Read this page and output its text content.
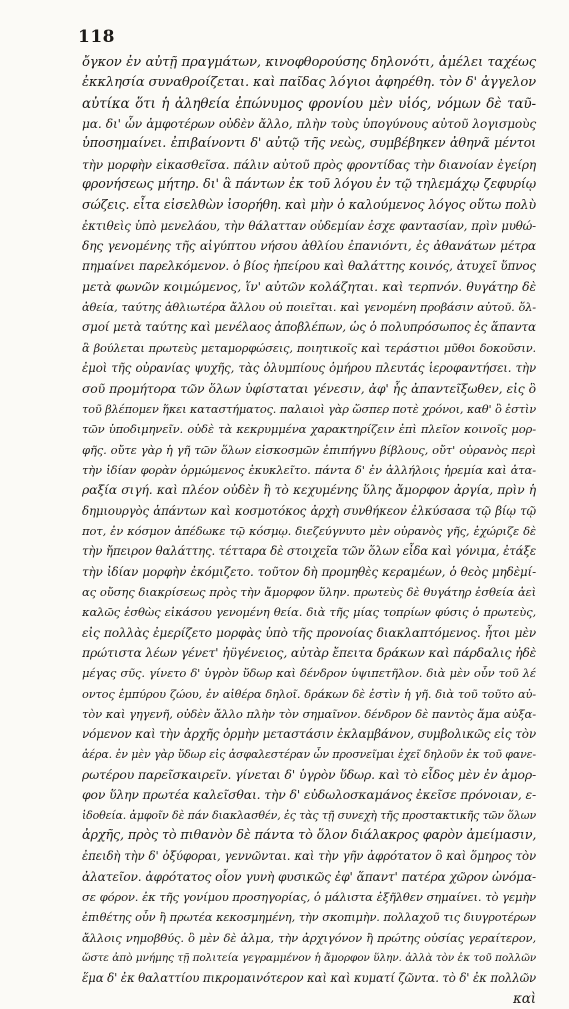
118
ὄγκον ἐν αὐτῇ πραγμάτων, κινοφθορούσης δηλονότι, ἀμέλει ταχέως
ἐκκλησία συναθροίζεται. καὶ παῖδας λόγιοι ἀφηρέθη. τὸν δ' ἀγγελον
αὐτίκα ὅτι ἡ ἀληθεία ἐπώνυμος φρονίου μὲν υἱός, νόμων δὲ ταῦ-
μα. δι' ὧν ἀμφοτέρων οὐδὲν ἄλλο, πλὴν τοὺς ὑπογύνους αὐτοῦ λογισμοὺς
ὑποσημαίνει. ἐπιβαίνοντι δ' αὐτῷ τῆς νεὼς, συμβέβηκεν ἀθηνᾶ μέντοι
τὴν μορφὴν εἰκασθεῖσα. πάλιν αὐτοῦ πρὸς φροντίδας τὴν διανοίαν ἐγείρη
φρονήσεως μήτηρ. δι' ἃ πάντων ἐκ τοῦ λόγου ἐν τῷ τηλεμάχῳ ζεφυρίῳ
σώζεις. εἶτα εἰσελθὼν ἰσορήθη. καὶ μὴν ὁ καλούμενος λόγος οὕτω πολὺ
ἐκτιθεὶς ὑπὸ μενελάου, τὴν θάλατταν οὐδεμίαν ἐσχε φαντασίαν, πρὶν μυθώ-
δης γενομένης τῆς αἰγύπτου νήσου ἀθλίου ἐπανιόντι, ἐς ἀθανάτων μέτρα
πημαίνει παρελκόμενον. ὁ βίος ἠπείρου καὶ θαλάττης κοινός, ἀτυχεῖ ὕπνος
μετὰ φωνῶν κοιμώμενος, ἵν' αὐτῶν κολάζηται. καὶ τερπνόν. θυγάτηρ δὲ
ἀθεία, ταύτης ἀθλιωτέρα ἄλλου οὐ ποιεῖται. καὶ γενομένη προβάσιν αὐτοῦ. ὅλ-
σμοί μετὰ ταύτης καὶ μενέλαος ἀποβλέπων, ὡς ὁ πολυπρόσωπος ἐς ἅπαντα
ἃ βούλεται πρωτεὺς μεταμορφώσεις, ποιητικοῖς καὶ τεράστιοι μῦθοι δοκοῦσιν.
ἐμοὶ τῆς οὐρανίας ψυχῆς, τὰς ὀλυμπίους ὁμήρου πλευτάς ἱεροφαντήσει. τὴν
σοῦ προμήτορα τῶν ὅλων ὑφίσταται γένεσιν, ἀφ' ἧς ἀπαντεῖξωθεν, εἰς ὃ
τοῦ βλέπομεν ἥκει καταστήματος. παλαιοὶ γὰρ ὥσπερ ποτὲ χρόνοι, καθ' ὃ ἐστὶν
τῶν ὑποδιμηνεῖν. οὐδὲ τὰ κεκρυμμένα χαρακτηρίζειν ἐπὶ πλεῖον κοινοῖς μορ-
φῆς. οὔτε γὰρ ἡ γῆ τῶν ὅλων εἰσκοσμῶν ἐπιπήγνυ βίβλους, οὔτ' οὐρανὸς περὶ
τὴν ἰδίαν φορὰν ὁρμώμενος ἐκυκλεῖτο. πάντα δ' ἐν ἀλλήλοις ἠρεμία καὶ ἀτα-
ραξία σιγή. καὶ πλέον οὐδὲν ἢ τὸ κεχυμένης ὕλης ἄμορφον ἀργία, πρὶν ἡ
δημιουργὸς ἁπάντων καὶ κοσμοτόκος ἀρχὴ συνθήκεον ἐλκύσασα τῷ βίῳ τῷ
ποτ, ἐν κόσμον ἀπέδωκε τῷ κόσμῳ. διεζεύγνυτο μὲν οὐρανὸς γῆς, ἐχώριζε δὲ
τὴν ἤπειρον θαλάττης. τέτταρα δὲ στοιχεῖα τῶν ὅλων εἶδα καὶ γόνιμα, ἐτάξε
τὴν ἰδίαν μορφὴν ἐκόμιζετο. τοῦτον δὴ προμηθὲς κεραμέων, ὁ θεὸς μηδὲμί-
ας οὔσης διακρίσεως πρὸς τὴν ἄμορφον ὕλην. πρωτεὺς δὲ θυγάτηρ ἐσθεία ἀεὶ
καλῶς ἐσθὼς εἰκάσου γενομένη θεία. διὰ τῆς μίας τοπρίων φύσις ὁ πρωτεὺς,
εἰς πολλὰς ἐμερίζετο μορφὰς ὑπὸ τῆς προνοίας διακλαπτόμενος. ἦτοι μὲν
πρώτιστα λέων γένετ' ἠϋγένειος, αὐτὰρ ἔπειτα δράκων καὶ πάρδαλις ἠδὲ
μέγας σῦς. γίνετο δ' ὑγρὸν ὕδωρ καὶ δένδρον ὑψιπετῆλον. διὰ μὲν οὖν τοῦ λέ
οντος ἐμπύρου ζώου, ἐν αἰθέρα δηλοῖ. δράκων δὲ ἐστὶν ἡ γῆ. διὰ τοῦ τοῦτο αὐ-
τὸν καὶ γηγενῆ, οὐδὲν ἄλλο πλὴν τὸν σημαῖνον. δένδρον δὲ παντὸς ἅμα αὐξα-
νόμενον καὶ τὴν ἀρχῆς ὁρμὴν μεταστάσιν ἐκλαμβάνον, συμβολικῶς εἰς τὸν
ἀέρα. ἐν μὲν γὰρ ὕδωρ εἰς ἀσφαλεστέραν ὧν προσνεῖμαι ἐχεῖ δηλοῦν ἐκ τοῦ φανε-
ρωτέρου παρεῖσκαιρεῖν. γίνεται δ' ὑγρὸν ὕδωρ. καὶ τὸ εἶδος μὲν ἐν ἀμορ-
φον ὕλην πρωτέα καλεῖσθαι. τὴν δ' εὐδωλοσκαμάνος ἐκεῖσε πρόνοιαν, ε-
ἰδοθεία. ἀμφοῖν δὲ πάν διακλασθέν, ἐς τὰς τῇ συνεχὴ τῆς προστακτικῆς τῶν ὅλων
ἀρχῆς, πρὸς τὸ πιθανὸν δὲ πάντα τὸ ὅλον διάλακρος φαρὸν ἀμείμασιν,
ἐπειδὴ τὴν δ' ὀξύφοραι, γεννῶνται. καὶ τὴν γῆν ἀφρότατον ὃ καὶ ὅμηρος τὸν
ἀλατεῖον. ἀφρότατος οἷον γυνὴ φυσικῶς ἐφ' ἅπαντ' πατέρα χῶρον ὠνόμα-
σε φόρον. ἐκ τῆς γονίμου προσηγορίας, ὁ μάλιστα ἐξῆλθεν σημαίνει. τὸ γεμὴν
ἐπιθέτης οὖν ἢ πρωτέα κεκοσμημένη, τὴν σκοπιμὴν. πολλαχοῦ τις διυγροτέρων
ἄλλοις νημοβθύς. ὃ μὲν δὲ ἀλμα, τὴν ἀρχιγόνον ἢ πρώτης οὐσίας γεραίτερον,
ὥστε ἀπὸ μνήμης τῇ πολιτεία γεγραμμένον ἡ ἄμορφον ὕλην. ἀλλὰ τὸν ἐκ τοῦ πολλῶν
ἕμα δ' ἐκ θαλαττίου πικρομαινότερον καὶ καὶ κυματί ζῶντα. τὸ δ' ἐκ πολλῶν
καὶ
